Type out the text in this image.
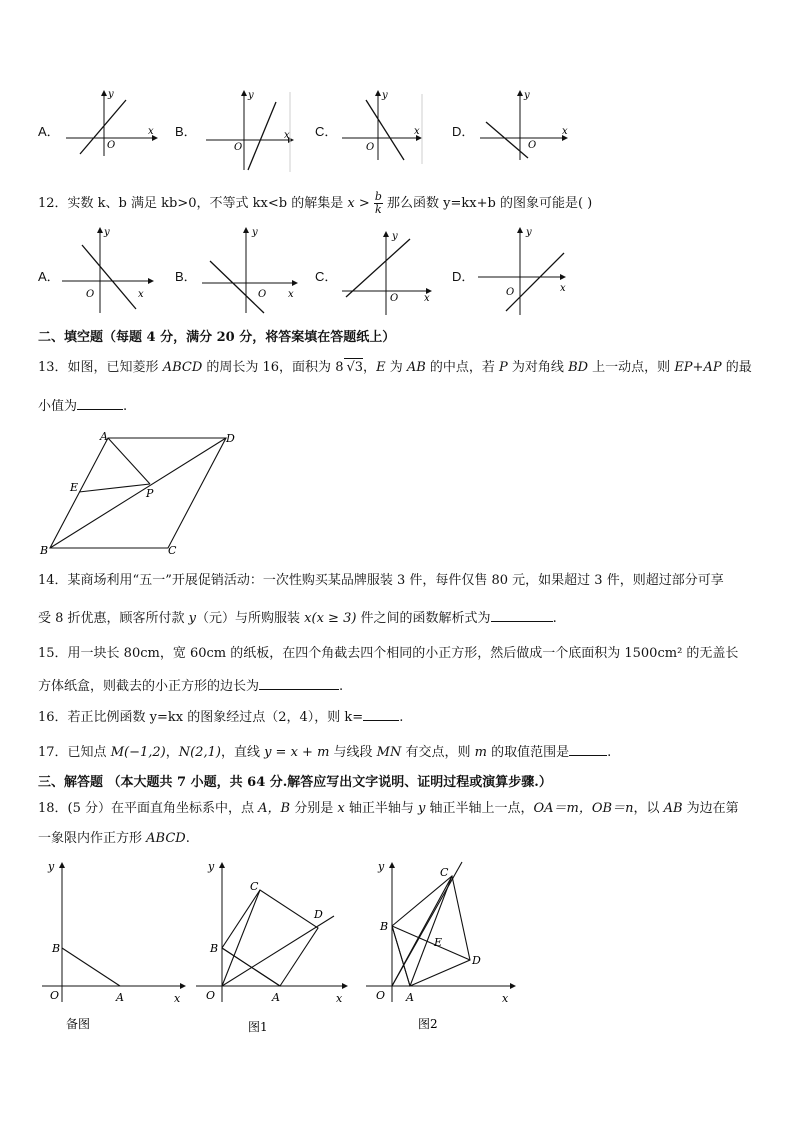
A．
y
x
O
B．
y
x
O
C．
y
x
O
D．
y
x
O
12．实数 k、b 满足 kb>0，不等式 kx<b 的解集是 $x > \frac{b}{k}$ 那么函数 y=kx+b 的图象可能是( )
A．
y
x
O
B．
y
x
O
C．
y
x
O
D．
y
x
O
二、填空题（每题 4 分，满分 20 分，将答案填在答题纸上）
13．如图，已知菱形 ABCD 的周长为 16，面积为 8 √3，E 为 AB 的中点，若 P 为对角线 BD 上一动点，则 EP+AP 的最
小值为	.
A	D
B	C
E	P
14．某商场利用“五一”开展促销活动：一次性购买某品牌服装 3 件，每件仅售 80 元，如果超过 3 件，则超过部分可享
受 8 折优惠，顾客所付款 y（元）与所购服装 x(x ≥ 3) 件之间的函数解析式为	.
15．用一块长 80cm，宽 60cm 的纸板，在四个角截去四个相同的小正方形，然后做成一个底面积为 1500cm² 的无盖长
方体纸盒，则截去的小正方形的边长为	.
16．若正比例函数 y=kx 的图象经过点（2，4），则 k=	.
17．已知点 M(−1,2)，N(2,1)，直线 y = x + m 与线段 MN 有交点，则 m 的取值范围是	.
三、解答题 （本大题共 7 小题，共 64 分.解答应写出文字说明、证明过程或演算步骤.）
18．(5 分）在平面直角坐标系中，点 A，B 分别是 x 轴正半轴与 y 轴正半轴上一点，OA＝m，OB＝n，以 AB 为边在第
一象限内作正方形 ABCD.
y
x
O
B
A
备图
y
x
O
B
A
C
D
图1
y
x
O
B
A
C
D
E
图2
